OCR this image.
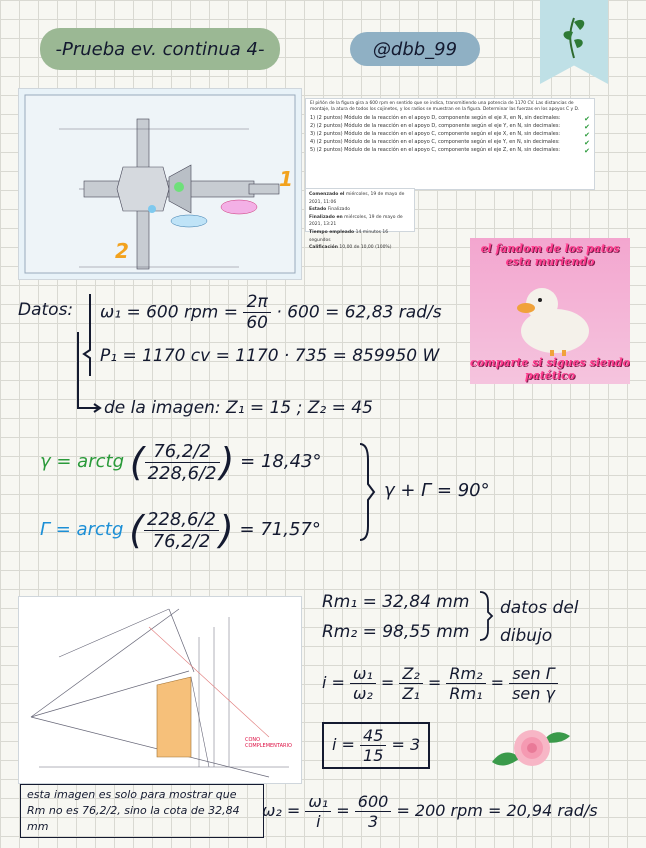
-Prueba ev. continua 4-	@dbb_99
1
2
El piñón de la figura gira a 600 rpm en sentido que se indica, transmitiendo una potencia de 1170 CV. Las distancias de montaje, la atura de todos los cojinetes, y los radios se muestran en la figura. Determinar las fuerzas en los apoyos C y D.
1) (2 puntos) Módulo de la reacción en el apoyo D, componente según el eje X, en N, sin decimales:	✔
2) (2 puntos) Módulo de la reacción en el apoyo D, componente según el eje Y, en N, sin decimales:	✔
3) (2 puntos) Módulo de la reacción en el apoyo C, componente según el eje X, en N, sin decimales:	✔
4) (2 puntos) Módulo de la reacción en el apoyo C, componente según el eje Y, en N, sin decimales:	✔
5) (2 puntos) Módulo de la reacción en el apoyo C, componente según el eje Z, en N, sin decimales:	✔
Comenzado el miércoles, 19 de mayo de 2021, 11:06
Estado Finalizado
Finalizado en miércoles, 19 de mayo de 2021, 13:21
Tiempo empleado 14 minutos 16 segundos
Calificación 10,00 de 10,00 (100%)	el fandom de los patos esta muriendo
comparte si sigues siendo patético
Datos: ω₁ = 600 rpm = $\frac{2\pi}{60} \cdot 600 = 62,83$ rad/s
P₁ = 1170 cv = 1170 · 735 = 859950 W
de la imagen: Z₁ = 15 ; Z₂ = 45
γ = arctg ( $\frac{76,2/2}{228,6/2}$ ) = 18,43°
Γ = arctg ( $\frac{228,6/2}{76,2/2}$ ) = 71,57°
γ + Γ = 90°
CONO COMPLEMENTARIO
Rm₁ = 32,84 mm
Rm₂ = 98,55 mm
datos del dibujo
$i = \frac{\text{ω₁}}{\text{ω₂}} = \frac{\text{Z₂}}{\text{Z₁}} = \frac{\text{Rm₂}}{\text{Rm₁}} = \frac{\text{sen Γ}}{\text{sen γ}}$
$i = \frac{45}{15} = 3$
esta imagen es solo para mostrar que Rm no es 76,2/2, sino la cota de 32,84 mm
$\omega_2 = \frac{\text{ω₁}}{i} = \frac{600}{3} = 200$ rpm = 20,94 rad/s
